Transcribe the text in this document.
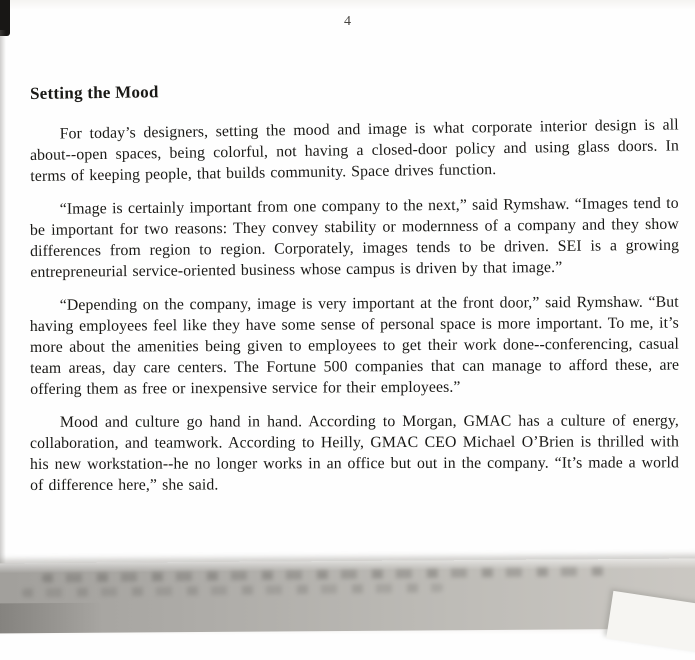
4
Setting the Mood

For today’s designers, setting the mood and image is what corporate interior design is all about--open spaces, being colorful, not having a closed-door policy and using glass doors. In terms of keeping people, that builds community. Space drives function.

“Image is certainly important from one company to the next,” said Rymshaw. “Images tend to be important for two reasons: They convey stability or modernness of a company and they show differences from region to region. Corporately, images tends to be driven. SEI is a growing entrepreneurial service-oriented business whose campus is driven by that image.”

“Depending on the company, image is very important at the front door,” said Rymshaw. “But having employees feel like they have some sense of personal space is more important. To me, it’s more about the amenities being given to employees to get their work done--conferencing, casual team areas, day care centers. The Fortune 500 companies that can manage to afford these, are offering them as free or inexpensive service for their employees.”

Mood and culture go hand in hand. According to Morgan, GMAC has a culture of energy, collaboration, and teamwork. According to Heilly, GMAC CEO Michael O’Brien is thrilled with his new workstation--he no longer works in an office but out in the company. “It’s made a world of difference here,” she said.
